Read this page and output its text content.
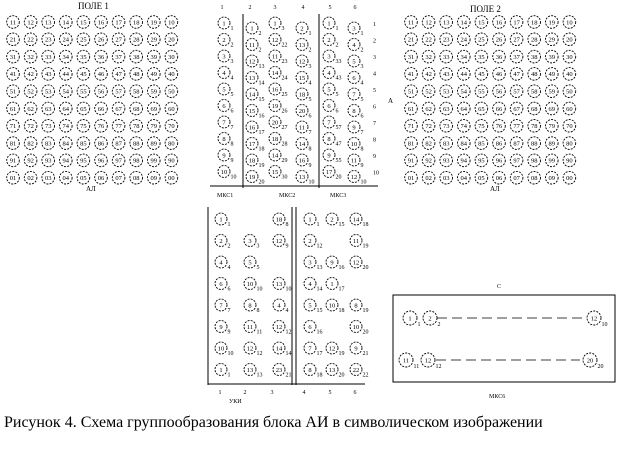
ПОЛЕ 1
11 12 13 14 15 16 17 18 19 10
21 22 23 24 25 26 27 28 29 20
31 32 33 34 35 36 37 38 39 30
41 42 43 44 45 46 47 48 49 40
51 52 53 54 55 56 57 58 59 50
61 62 63 64 65 66 67 68 69 60
71 72 73 74 75 76 77 78 79 70
81 82 83 84 85 86 87 88 89 80
91 92 93 94 95 96 97 98 99 90
01 02 03 04 05 06 07 08 09 00
АЛ
ПОЛЕ 2
11 12 13 14 15 16 17 18 19 10
21 22 23 24 25 26 27 28 29 20
31 32 33 34 35 36 37 38 39 30
41 42 43 44 45 46 47 48 49 40
51 52 53 54 55 56 57 58 59 50
61 62 63 64 65 66 67 68 69 60
71 72 73 74 75 76 77 78 79 70
81 82 83 84 85 86 87 88 89 80
91 92 93 94 95 96 97 98 99 90
01 02 03 04 05 06 07 08 09 00
АЛ
1	2	3	4	5	6
1
1	1
2
1
3 2
1
1
1 3
1
2
2 11
2
12
22 13
2
2
2 4
2
3
3 12
13
11
23 12
3
3
33 5
3
4
4 13
14
14
24 15
4
4
43 6
4
5
5 14
15
16
25 18
5
5
5 7
5
6
6 15
16
19
26 20
6
6
6 8
6
7
7 16
17
20
27 11
7
7
57 9
7
8
8 17
18
18
28 14
8
8
47 10
8
9
9 18
19
14
29 16
9
9
55 11
9
10
10 19
20
15
30 13
10
17
20 12
10
1
2
3
4
5
6
7
8
9
10
А
МКС1	МКС2	МКС3
1
1
18
8
2
2
3
3
12
9
4
4
5
5
6
6
10
10
13
10
7
7
8
8
4
4
9
9
11
11
12
12
10
10
12
12
14
14
1
1
13
13
23
21
1
1
2
15
14
18
2
12
11
19
3
13
9
16
12
20
4
14
1
17
5
15
10
18
8
19
6
16
10
20
7
17
12
19
9
21
8
18
13
20
22
22
1	2	3	4	5	6
УКИ
С
1
1
2
2
12
10
11
11
12
12
20
20
МКС6
Рисунок 4. Схема группообразования блока АИ в символическом изображении
